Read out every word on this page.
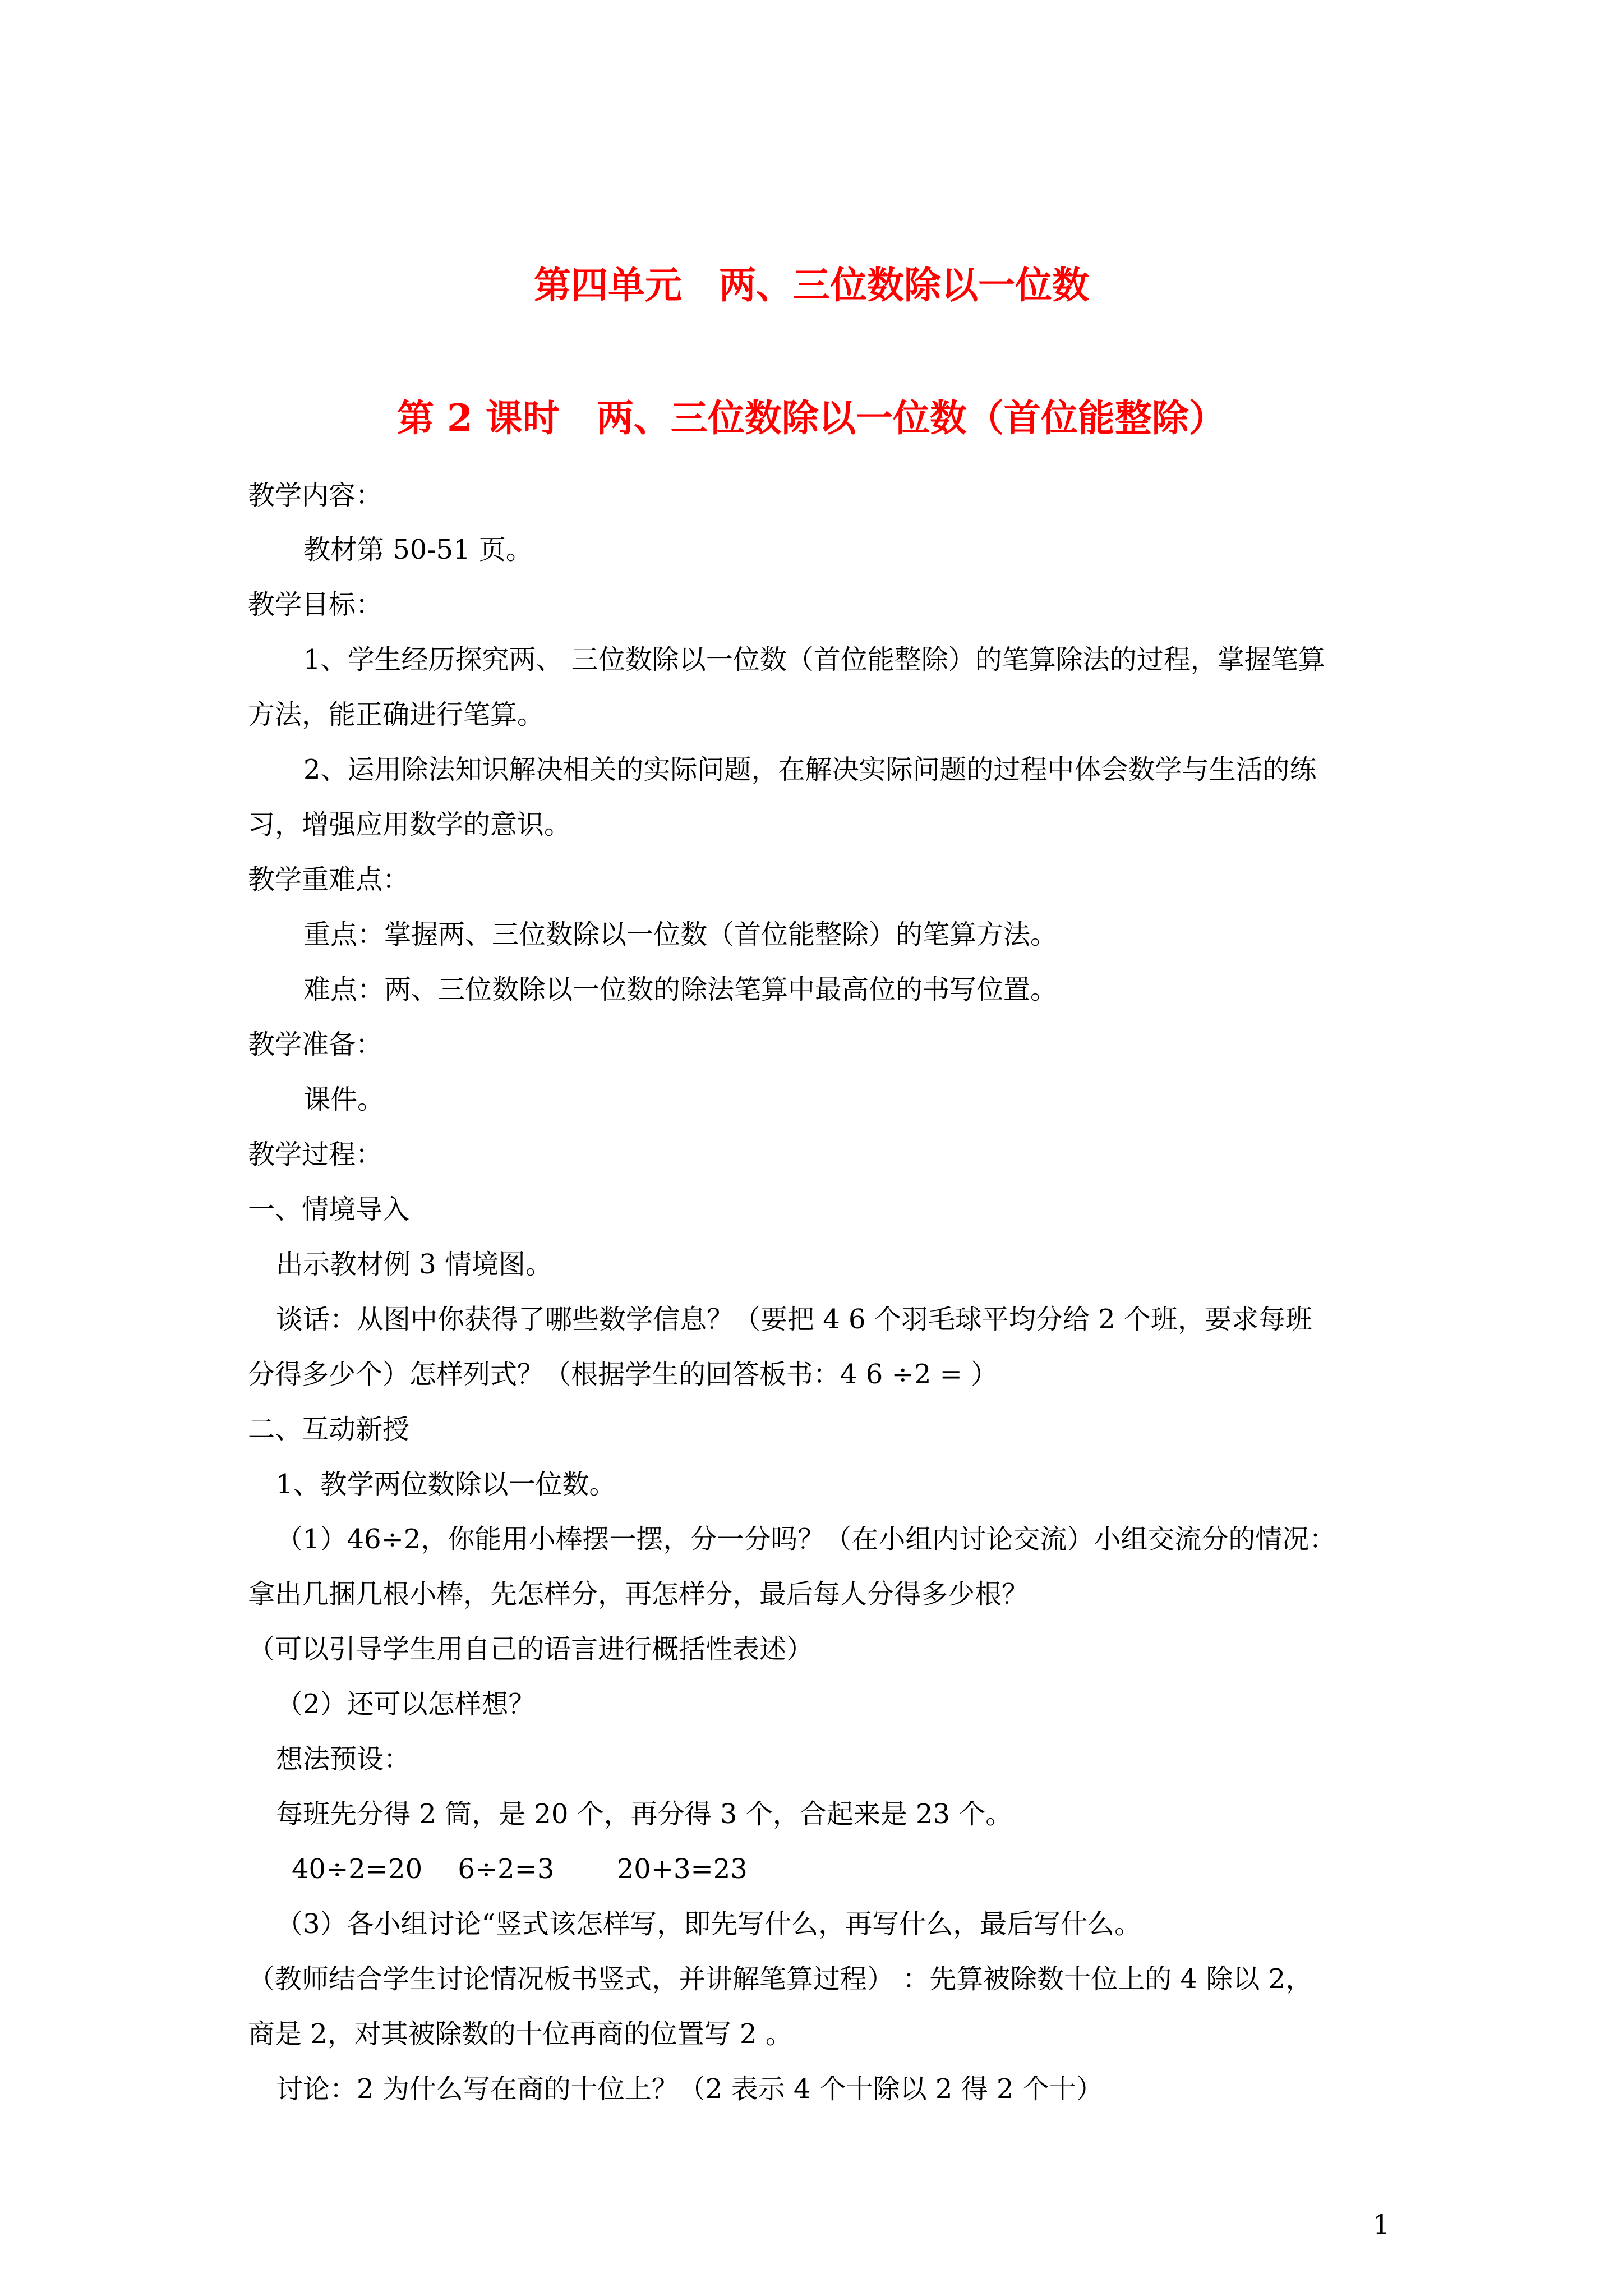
第四单元　两、三位数除以一位数
第 2 课时　两、三位数除以一位数（首位能整除）
教学内容：
教材第 50-51 页。
教学目标：
1、学生经历探究两、 三位数除以一位数（首位能整除）的笔算除法的过程，掌握笔算
方法，能正确进行笔算。
2、运用除法知识解决相关的实际问题，在解决实际问题的过程中体会数学与生活的练
习，增强应用数学的意识。
教学重难点：
重点：掌握两、三位数除以一位数（首位能整除）的笔算方法。
难点：两、三位数除以一位数的除法笔算中最高位的书写位置。
教学准备：
课件。
教学过程：
一、情境导入
出示教材例 3 情境图。
谈话：从图中你获得了哪些数学信息？（要把 4 6 个羽毛球平均分给 2 个班，要求每班
分得多少个）怎样列式？（根据学生的回答板书：4 6 ÷2 = ）
二、互动新授
1、教学两位数除以一位数。
（1）46÷2，你能用小棒摆一摆，分一分吗？（在小组内讨论交流）小组交流分的情况：
拿出几捆几根小棒，先怎样分，再怎样分，最后每人分得多少根？
（可以引导学生用自己的语言进行概括性表述）
（2）还可以怎样想？
想法预设：
每班先分得 2 筒，是 20 个，再分得 3 个，合起来是 23 个。
40÷2=20　 6÷2=3　　 20+3=23
（3）各小组讨论“竖式该怎样写，即先写什么，再写什么，最后写什么。
（教师结合学生讨论情况板书竖式，并讲解笔算过程） ：先算被除数十位上的 4 除以 2，
商是 2，对其被除数的十位再商的位置写 2 。
讨论：2 为什么写在商的十位上？（2 表示 4 个十除以 2 得 2 个十）
1
